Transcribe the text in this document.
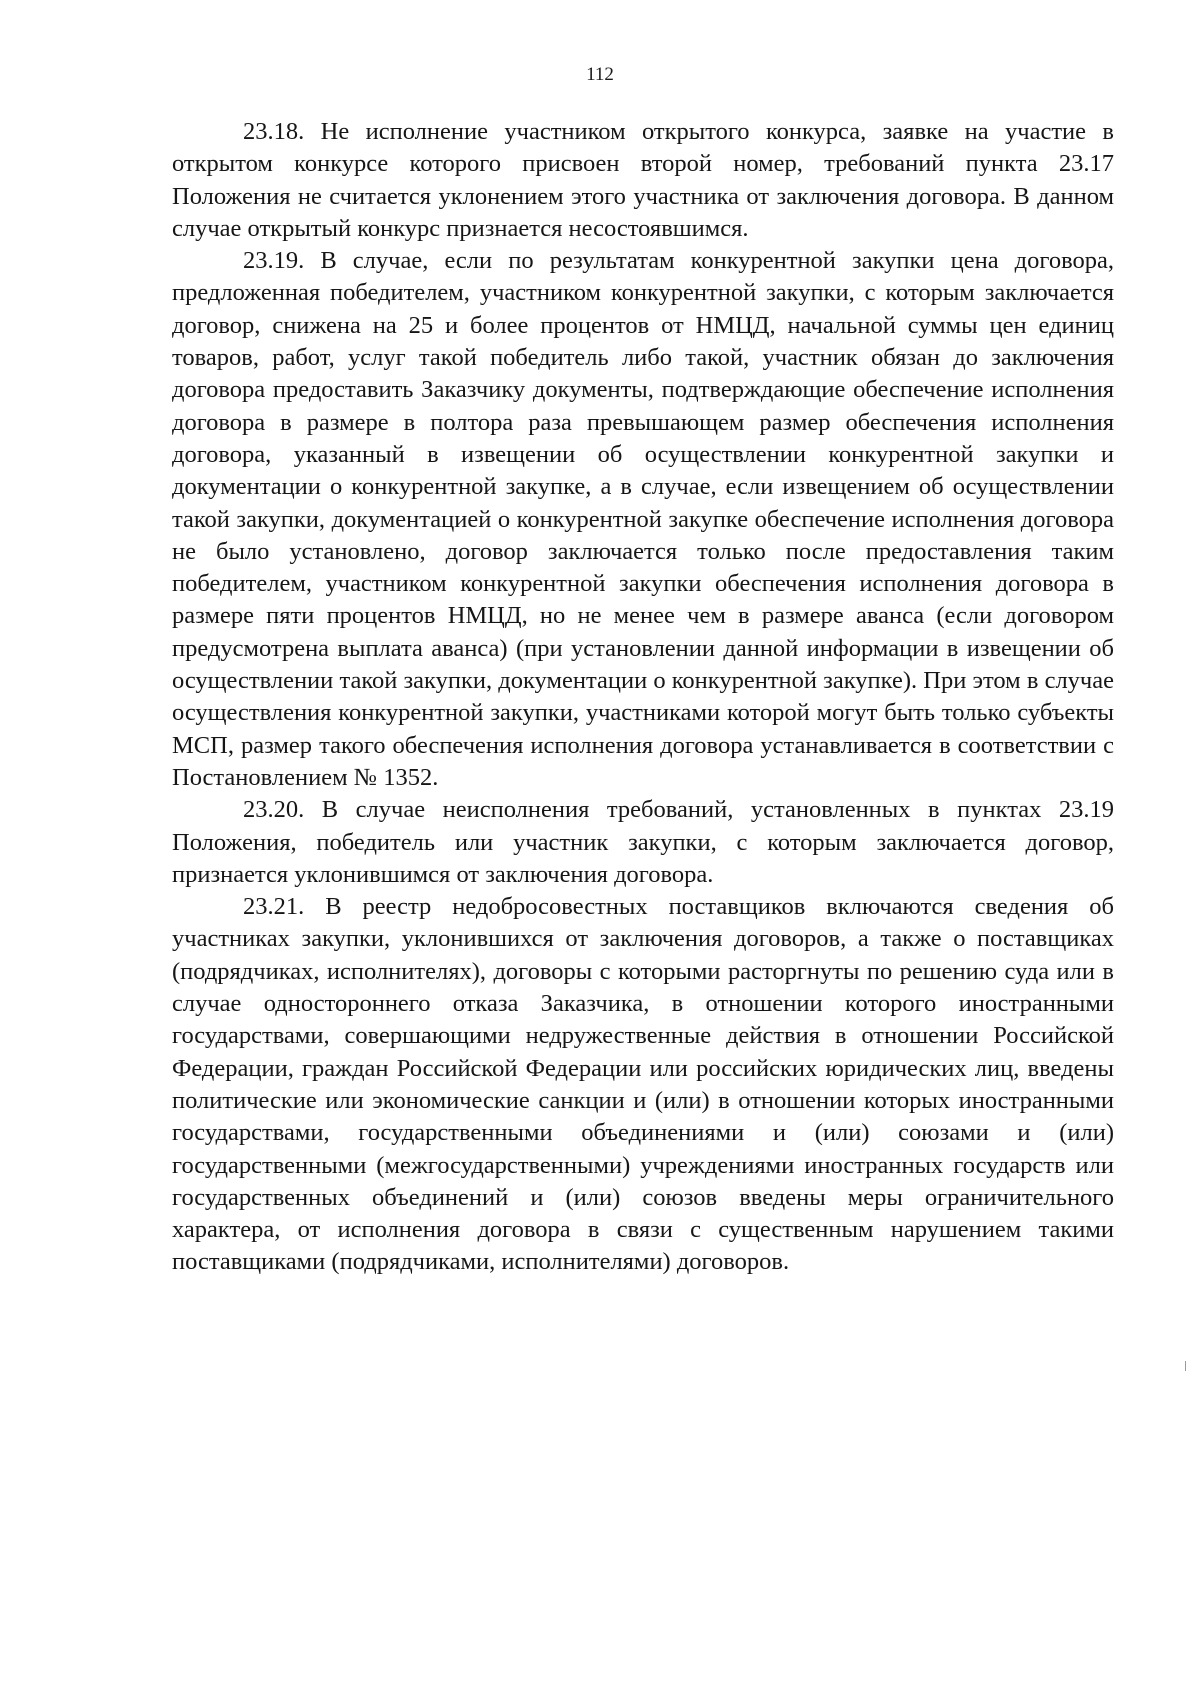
112

23.18. Не исполнение участником открытого конкурса, заявке на участие в открытом конкурсе которого присвоен второй номер, требований пункта 23.17 Положения не считается уклонением этого участника от заключения договора. В данном случае открытый конкурс признается несостоявшимся.

23.19. В случае, если по результатам конкурентной закупки цена договора, предложенная победителем, участником конкурентной закупки, с которым заключается договор, снижена на 25 и более процентов от НМЦД, начальной суммы цен единиц товаров, работ, услуг такой победитель либо такой, участник обязан до заключения договора предоставить Заказчику документы, подтверждающие обеспечение исполнения договора в размере в полтора раза превышающем размер обеспечения исполнения договора, указанный в извещении об осуществлении конкурентной закупки и документации о конкурентной закупке, а в случае, если извещением об осуществлении такой закупки, документацией о конкурентной закупке обеспечение исполнения договора не было установлено, договор заключается только после предоставления таким победителем, участником конкурентной закупки обеспечения исполнения договора в размере пяти процентов НМЦД, но не менее чем в размере аванса (если договором предусмотрена выплата аванса) (при установлении данной информации в извещении об осуществлении такой закупки, документации о конкурентной закупке). При этом в случае осуществления конкурентной закупки, участниками которой могут быть только субъекты МСП, размер такого обеспечения исполнения договора устанавливается в соответствии с Постановлением № 1352.

23.20. В случае неисполнения требований, установленных в пунктах 23.19 Положения, победитель или участник закупки, с которым заключается договор, признается уклонившимся от заключения договора.

23.21. В реестр недобросовестных поставщиков включаются сведения об участниках закупки, уклонившихся от заключения договоров, а также о поставщиках (подрядчиках, исполнителях), договоры с которыми расторгнуты по решению суда или в случае одностороннего отказа Заказчика, в отношении которого иностранными государствами, совершающими недружественные действия в отношении Российской Федерации, граждан Российской Федерации или российских юридических лиц, введены политические или экономические санкции и (или) в отношении которых иностранными государствами, государственными объединениями и (или) союзами и (или) государственными (межгосударственными) учреждениями иностранных государств или государственных объединений и (или) союзов введены меры ограничительного характера, от исполнения договора в связи с существенным нарушением такими поставщиками (подрядчиками, исполнителями) договоров.
